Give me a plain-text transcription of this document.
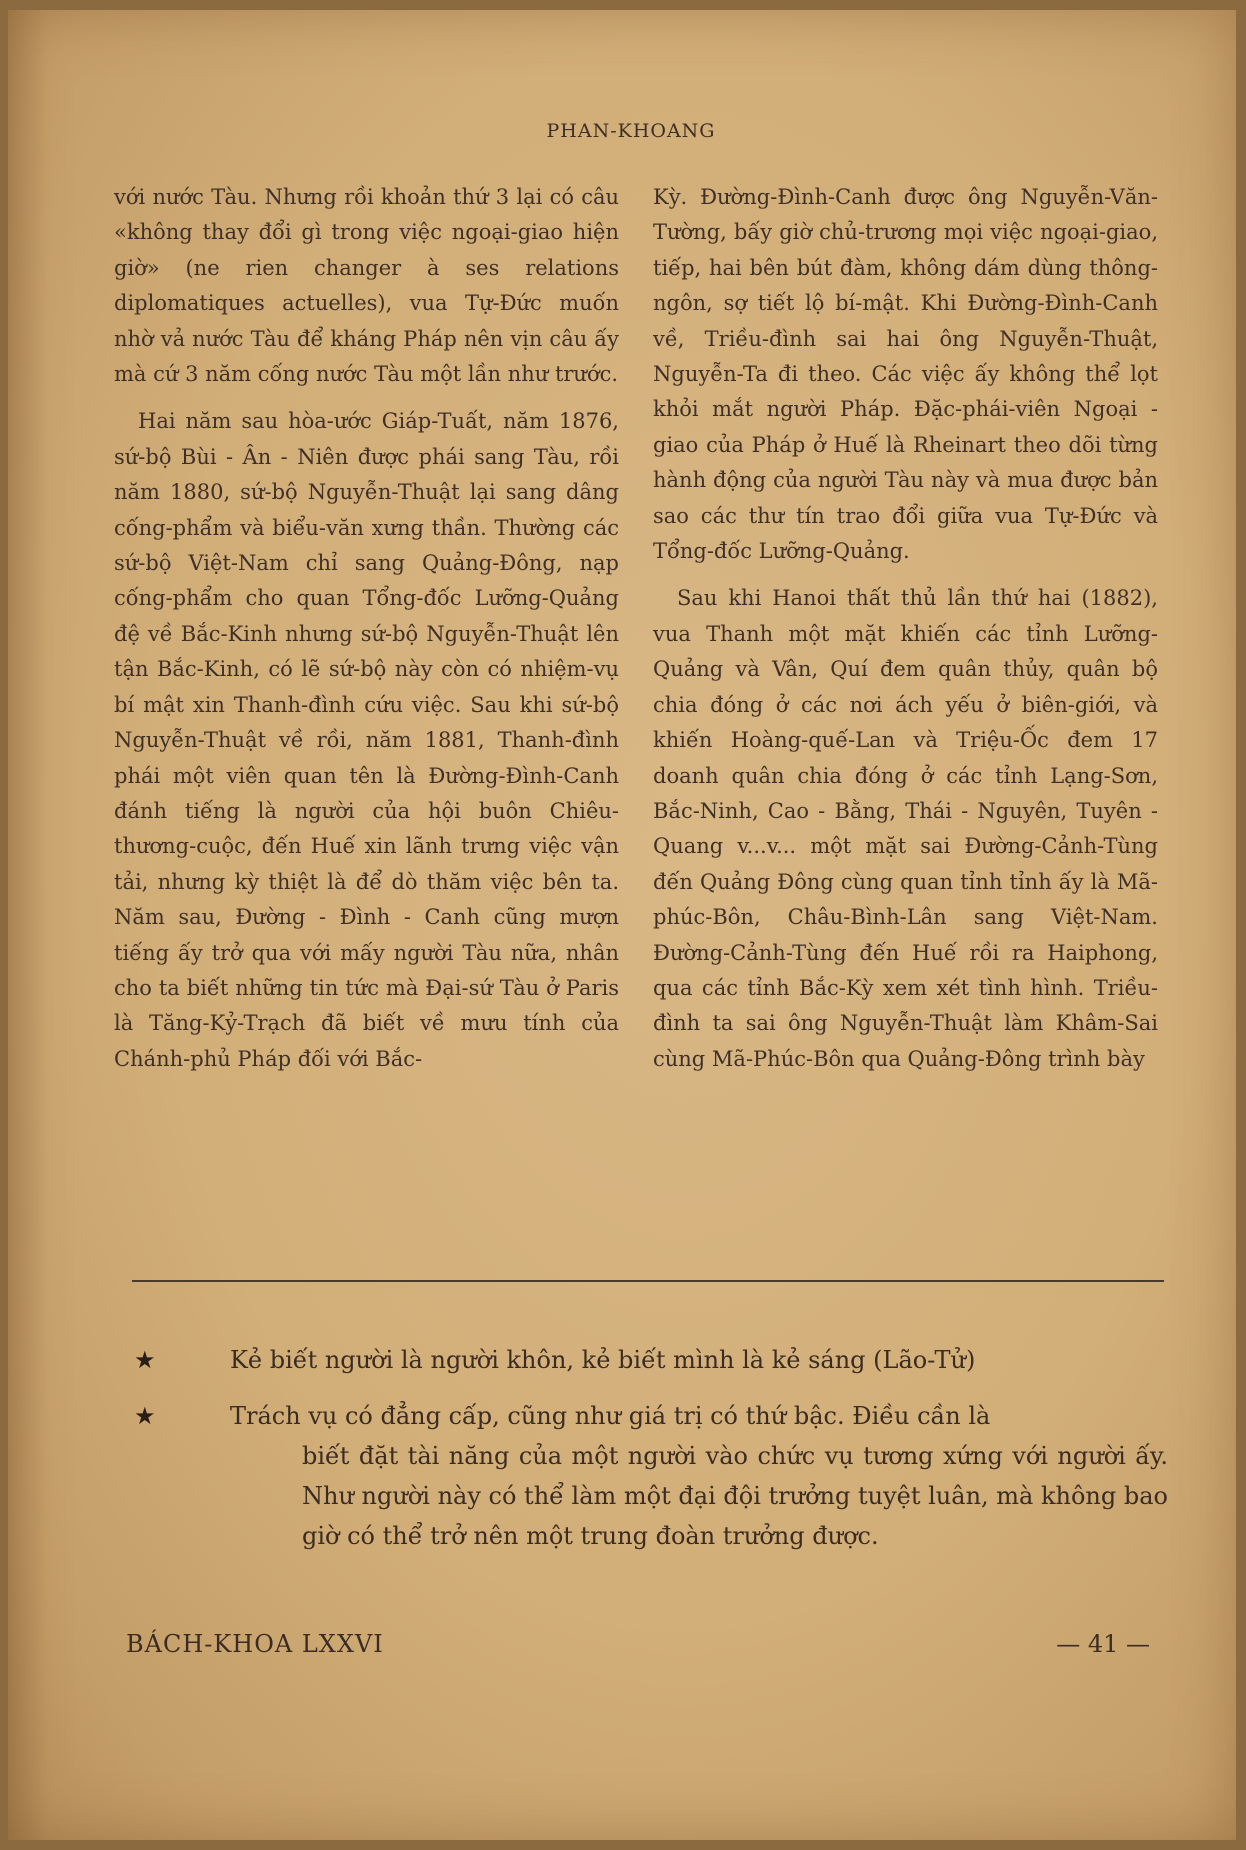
PHAN-KHOANG

với nước Tàu. Nhưng rồi khoản thứ 3 lại có câu «không thay đổi gì trong việc ngoại-giao hiện giờ» (ne rien changer à ses relations diplomatiques actuelles), vua Tự-Đức muốn nhờ vả nước Tàu để kháng Pháp nên vịn câu ấy mà cứ 3 năm cống nước Tàu một lần như trước.

Hai năm sau hòa-ước Giáp-Tuất, năm 1876, sứ-bộ Bùi - Ân - Niên được phái sang Tàu, rồi năm 1880, sứ-bộ Nguyễn-Thuật lại sang dâng cống-phẩm và biểu-văn xưng thần. Thường các sứ-bộ Việt-Nam chỉ sang Quảng-Đông, nạp cống-phẩm cho quan Tổng-đốc Lưỡng-Quảng đệ về Bắc-Kinh nhưng sứ-bộ Nguyễn-Thuật lên tận Bắc-Kinh, có lẽ sứ-bộ này còn có nhiệm-vụ bí mật xin Thanh-đình cứu việc. Sau khi sứ-bộ Nguyễn-Thuật về rồi, năm 1881, Thanh-đình phái một viên quan tên là Đường-Đình-Canh đánh tiếng là người của hội buôn Chiêu-thương-cuộc, đến Huế xin lãnh trưng việc vận tải, nhưng kỳ thiệt là để dò thăm việc bên ta. Năm sau, Đường - Đình - Canh cũng mượn tiếng ấy trở qua với mấy người Tàu nữa, nhân cho ta biết những tin tức mà Đại-sứ Tàu ở Paris là Tăng-Kỷ-Trạch đã biết về mưu tính của Chánh-phủ Pháp đối với Bắc-

Kỳ. Đường-Đình-Canh được ông Nguyễn-Văn-Tường, bấy giờ chủ-trương mọi việc ngoại-giao, tiếp, hai bên bút đàm, không dám dùng thông-ngôn, sợ tiết lộ bí-mật. Khi Đường-Đình-Canh về, Triều-đình sai hai ông Nguyễn-Thuật, Nguyễn-Ta đi theo. Các việc ấy không thể lọt khỏi mắt người Pháp. Đặc-phái-viên Ngoại - giao của Pháp ở Huế là Rheinart theo dõi từng hành động của người Tàu này và mua được bản sao các thư tín trao đổi giữa vua Tự-Đức và Tổng-đốc Lưỡng-Quảng.

Sau khi Hanoi thất thủ lần thứ hai (1882), vua Thanh một mặt khiến các tỉnh Lưỡng-Quảng và Vân, Quí đem quân thủy, quân bộ chia đóng ở các nơi ách yếu ở biên-giới, và khiến Hoàng-quế-Lan và Triệu-Ốc đem 17 doanh quân chia đóng ở các tỉnh Lạng-Sơn, Bắc-Ninh, Cao - Bằng, Thái - Nguyên, Tuyên - Quang v...v... một mặt sai Đường-Cảnh-Tùng đến Quảng Đông cùng quan tỉnh tỉnh ấy là Mã-phúc-Bôn, Châu-Bình-Lân sang Việt-Nam. Đường-Cảnh-Tùng đến Huế rồi ra Haiphong, qua các tỉnh Bắc-Kỳ xem xét tình hình. Triều-đình ta sai ông Nguyễn-Thuật làm Khâm-Sai cùng Mã-Phúc-Bôn qua Quảng-Đông trình bày

★	Kẻ biết người là người khôn, kẻ biết mình là kẻ sáng (Lão-Tử)
★	Trách vụ có đẳng cấp, cũng như giá trị có thứ bậc. Điều cần là
biết đặt tài năng của một người vào chức vụ tương xứng với người ấy. Như người này có thể làm một đại đội trưởng tuyệt luân, mà không bao giờ có thể trở nên một trung đoàn trưởng được.
BÁCH-KHOA LXXVI	— 41 —
